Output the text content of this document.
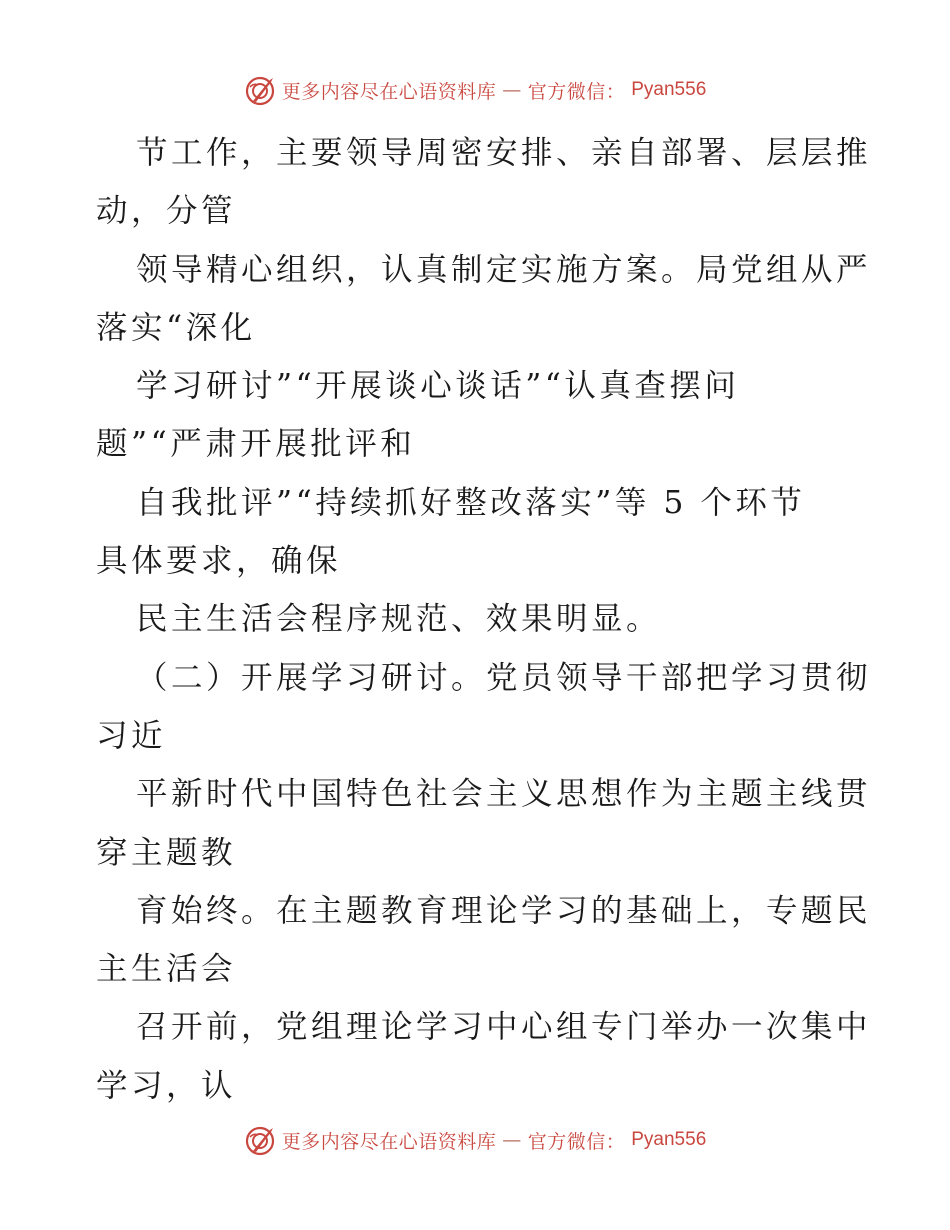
更多内容尽在心语资料库 — 官方微信： Pyan556
节工作，主要领导周密安排、亲自部署、层层推
动，分管
领导精心组织，认真制定实施方案。局党组从严
落实“深化
学习研讨”“开展谈心谈话”“认真查摆问
题”“严肃开展批评和
自我批评”“持续抓好整改落实”等 5 个环节
具体要求，确保
民主生活会程序规范、效果明显。
（二）开展学习研讨。党员领导干部把学习贯彻
习近
平新时代中国特色社会主义思想作为主题主线贯
穿主题教
育始终。在主题教育理论学习的基础上，专题民
主生活会
召开前，党组理论学习中心组专门举办一次集中
学习，认
更多内容尽在心语资料库 — 官方微信： Pyan556
